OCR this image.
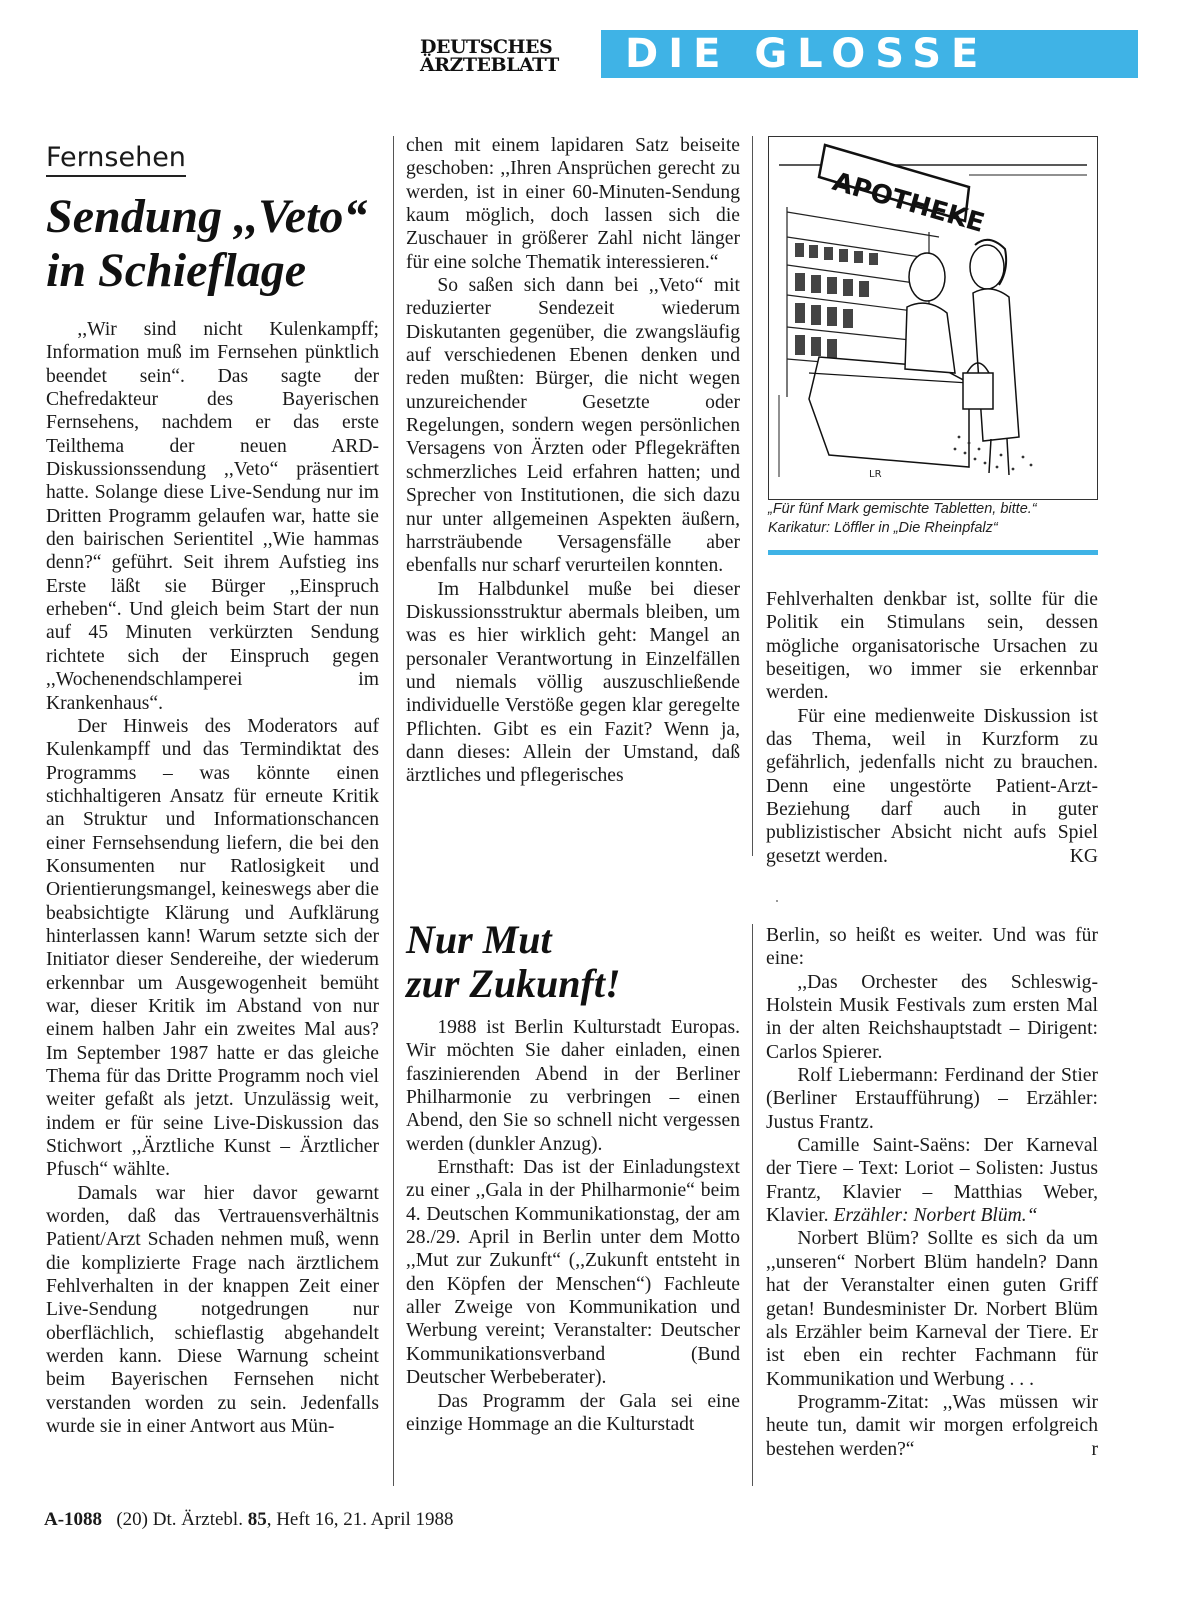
DEUTSCHES
ÄRZTEBLATT	DIE GLOSSE
Fernsehen
Sendung ,,Veto“
in Schieflage

,,Wir sind nicht Kulenkampff; Information muß im Fernsehen pünktlich beendet sein“. Das sagte der Chefredakteur des Bayerischen Fernsehens, nachdem er das erste Teilthema der neuen ARD-Diskussionssendung ,,Veto“ präsentiert hatte. Solange diese Live-Sendung nur im Dritten Programm gelaufen war, hatte sie den bairischen Serientitel ,,Wie hammas denn?“ geführt. Seit ihrem Aufstieg ins Erste läßt sie Bürger ,,Einspruch erheben“. Und gleich beim Start der nun auf 45 Minuten verkürzten Sendung richtete sich der Einspruch gegen ,,Wochenendschlamperei im Krankenhaus“.

Der Hinweis des Moderators auf Kulenkampff und das Termindiktat des Programms – was könnte einen stichhaltigeren Ansatz für erneute Kritik an Struktur und Informationschancen einer Fernsehsendung liefern, die bei den Konsumenten nur Ratlosigkeit und Orientierungsmangel, keineswegs aber die beabsichtigte Klärung und Aufklärung hinterlassen kann! Warum setzte sich der Initiator dieser Sendereihe, der wiederum erkennbar um Ausgewogenheit bemüht war, dieser Kritik im Abstand von nur einem halben Jahr ein zweites Mal aus? Im September 1987 hatte er das gleiche Thema für das Dritte Programm noch viel weiter gefaßt als jetzt. Unzulässig weit, indem er für seine Live-Diskussion das Stichwort ,,Ärztliche Kunst – Ärztlicher Pfusch“ wählte.

Damals war hier davor gewarnt worden, daß das Vertrauensverhältnis Patient/Arzt Schaden nehmen muß, wenn die komplizierte Frage nach ärztlichem Fehlverhalten in der knappen Zeit einer Live-Sendung notgedrungen nur oberflächlich, schieflastig abgehandelt werden kann. Diese Warnung scheint beim Bayerischen Fernsehen nicht verstanden worden zu sein. Jedenfalls wurde sie in einer Antwort aus Mün-

chen mit einem lapidaren Satz beiseite geschoben: ,,Ihren Ansprüchen gerecht zu werden, ist in einer 60-Minuten-Sendung kaum möglich, doch lassen sich die Zuschauer in größerer Zahl nicht länger für eine solche Thematik interessieren.“

So saßen sich dann bei ,,Veto“ mit reduzierter Sendezeit wiederum Diskutanten gegenüber, die zwangsläufig auf verschiedenen Ebenen denken und reden mußten: Bürger, die nicht wegen unzureichender Gesetzte oder Regelungen, sondern wegen persönlichen Versagens von Ärzten oder Pflegekräften schmerzliches Leid erfahren hatten; und Sprecher von Institutionen, die sich dazu nur unter allgemeinen Aspekten äußern, harrsträubende Versagensfälle aber ebenfalls nur scharf verurteilen konnten.

Im Halbdunkel muße bei dieser Diskussionsstruktur abermals bleiben, um was es hier wirklich geht: Mangel an personaler Verantwortung in Einzelfällen und niemals völlig auszuschließende individuelle Verstöße gegen klar geregelte Pflichten. Gibt es ein Fazit? Wenn ja, dann dieses: Allein der Umstand, daß ärztliches und pflegerisches

APOTHEKE
LR
„Für fünf Mark gemischte Tabletten, bitte.“
Karikatur: Löffler in „Die Rheinpfalz“

Fehlverhalten denkbar ist, sollte für die Politik ein Stimulans sein, dessen mögliche organisatorische Ursachen zu beseitigen, wo immer sie erkennbar werden.

Für eine medienweite Diskussion ist das Thema, weil in Kurzform zu gefährlich, jedenfalls nicht zu brauchen. Denn eine ungestörte Patient-Arzt-Beziehung darf auch in guter publizistischer Absicht nicht aufs Spiel gesetzt werden.	KG

Nur Mut
zur Zukunft!

1988 ist Berlin Kulturstadt Europas. Wir möchten Sie daher einladen, einen faszinierenden Abend in der Berliner Philharmonie zu verbringen – einen Abend, den Sie so schnell nicht vergessen werden (dunkler Anzug).

Ernsthaft: Das ist der Einladungstext zu einer ,,Gala in der Philharmonie“ beim 4. Deutschen Kommunikationstag, der am 28./29. April in Berlin unter dem Motto ,,Mut zur Zukunft“ (,,Zukunft entsteht in den Köpfen der Menschen“) Fachleute aller Zweige von Kommunikation und Werbung vereint; Veranstalter: Deutscher Kommunikationsverband (Bund Deutscher Werbeberater).

Das Programm der Gala sei eine einzige Hommage an die Kulturstadt

Berlin, so heißt es weiter. Und was für eine:

,,Das Orchester des Schleswig-Holstein Musik Festivals zum ersten Mal in der alten Reichshauptstadt – Dirigent: Carlos Spierer.

Rolf Liebermann: Ferdinand der Stier (Berliner Erstaufführung) – Erzähler: Justus Frantz.

Camille Saint-Saëns: Der Karneval der Tiere – Text: Loriot – Solisten: Justus Frantz, Klavier – Matthias Weber, Klavier. Erzähler: Norbert Blüm.“

Norbert Blüm? Sollte es sich da um ,,unseren“ Norbert Blüm handeln? Dann hat der Veranstalter einen guten Griff getan! Bundesminister Dr. Norbert Blüm als Erzähler beim Karneval der Tiere. Er ist eben ein rechter Fachmann für Kommunikation und Werbung . . .

Programm-Zitat: ,,Was müssen wir heute tun, damit wir morgen erfolgreich bestehen werden?“	r

A-1088 (20) Dt. Ärztebl. 85, Heft 16, 21. April 1988
